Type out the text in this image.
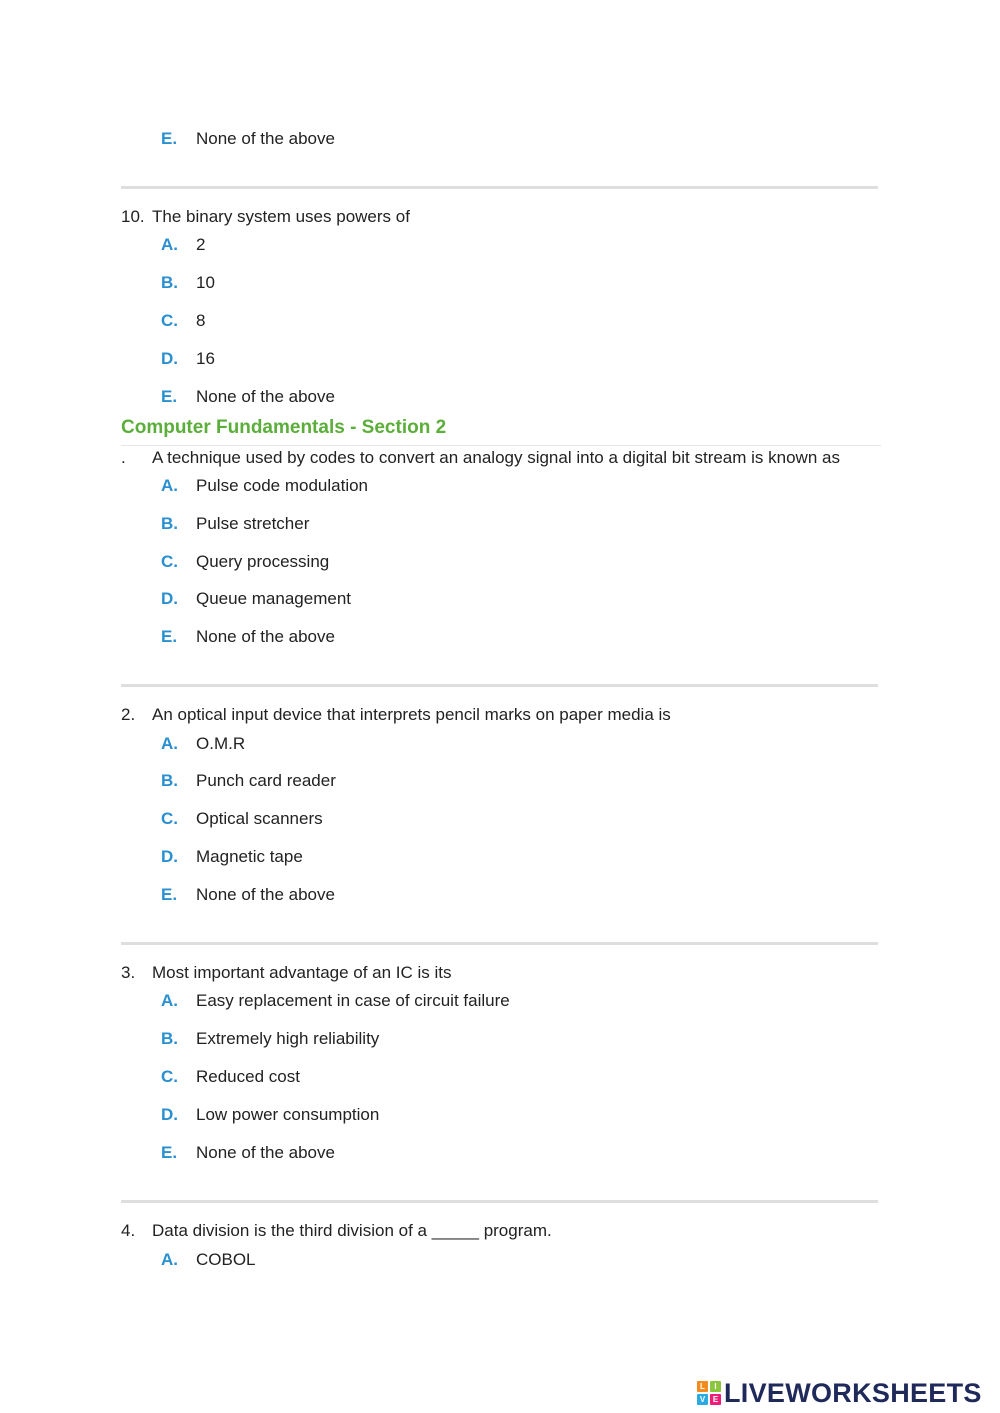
E. None of the above
10. The binary system uses powers of
A. 2
B. 10
C. 8
D. 16
E. None of the above
Computer Fundamentals - Section 2
. A technique used by codes to convert an analogy signal into a digital bit stream is known as
A. Pulse code modulation
B. Pulse stretcher
C. Query processing
D. Queue management
E. None of the above
2. An optical input device that interprets pencil marks on paper media is
A. O.M.R
B. Punch card reader
C. Optical scanners
D. Magnetic tape
E. None of the above
3. Most important advantage of an IC is its
A. Easy replacement in case of circuit failure
B. Extremely high reliability
C. Reduced cost
D. Low power consumption
E. None of the above
4. Data division is the third division of a _____ program.
A. COBOL
L	I
V E LIVEWORKSHEETS
